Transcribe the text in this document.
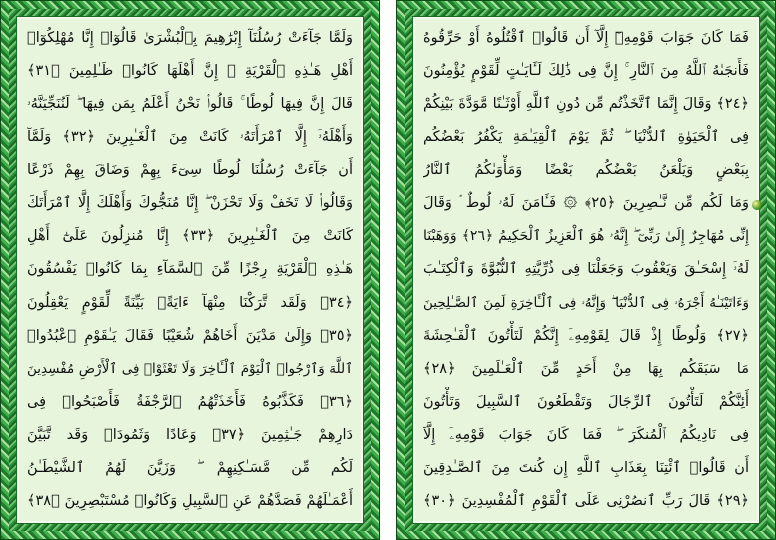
فَمَا كَانَ جَوَابَ قَوْمِهِۦٓ إِلَّآ أَن قَالُوا۟ ٱقْتُلُوهُ أَوْ حَرِّقُوهُ
فَأَنجَىٰهُ ٱللَّهُ مِنَ ٱلنَّارِ ۚ إِنَّ فِى ذَٰلِكَ لَـَٔايَـٰتٍ لِّقَوْمٍ يُؤْمِنُونَ
﴿٢٤﴾ وَقَالَ إِنَّمَا ٱتَّخَذْتُم مِّن دُونِ ٱللَّهِ أَوْثَـٰنًا مَّوَدَّةَ بَيْنِكُمْ
فِى ٱلْحَيَوٰةِ ٱلدُّنْيَا ۖ ثُمَّ يَوْمَ ٱلْقِيَـٰمَةِ يَكْفُرُ بَعْضُكُم
بِبَعْضٍ وَيَلْعَنُ بَعْضُكُم بَعْضًا وَمَأْوَىٰكُمُ ٱلنَّارُ
وَمَا لَكُم مِّن نَّـٰصِرِينَ ﴿٢٥﴾ ۞ فَـَٔامَنَ لَهُۥ لُوطٌ ۘ وَقَالَ
إِنِّى مُهَاجِرٌ إِلَىٰ رَبِّىٓ ۖ إِنَّهُۥ هُوَ ٱلْعَزِيزُ ٱلْحَكِيمُ ﴿٢٦﴾ وَوَهَبْنَا
لَهُۥٓ إِسْحَـٰقَ وَيَعْقُوبَ وَجَعَلْنَا فِى ذُرِّيَّتِهِ ٱلنُّبُوَّةَ وَٱلْكِتَـٰبَ
وَءَاتَيْنَـٰهُ أَجْرَهُۥ فِى ٱلدُّنْيَا ۖ وَإِنَّهُۥ فِى ٱلْـَٔاخِرَةِ لَمِنَ ٱلصَّـٰلِحِينَ
﴿٢٧﴾ وَلُوطًا إِذْ قَالَ لِقَوْمِهِۦٓ إِنَّكُمْ لَتَأْتُونَ ٱلْفَـٰحِشَةَ
مَا سَبَقَكُم بِهَا مِنْ أَحَدٍ مِّنَ ٱلْعَـٰلَمِينَ ﴿٢٨﴾
أَئِنَّكُمْ لَتَأْتُونَ ٱلرِّجَالَ وَتَقْطَعُونَ ٱلسَّبِيلَ وَتَأْتُونَ
فِى نَادِيكُمُ ٱلْمُنكَرَ ۖ فَمَا كَانَ جَوَابَ قَوْمِهِۦٓ إِلَّآ
أَن قَالُوا۟ ٱئْتِنَا بِعَذَابِ ٱللَّهِ إِن كُنتَ مِنَ ٱلصَّـٰدِقِينَ
﴿٢٩﴾ قَالَ رَبِّ ٱنصُرْنِى عَلَى ٱلْقَوْمِ ٱلْمُفْسِدِينَ ﴿٣٠﴾
وَلَمَّا جَآءَتْ رُسُلُنَآ إِبْرَٰهِيمَ بِٱلْبُشْرَىٰ قَالُوٓا۟ إِنَّا مُهْلِكُوٓا۟
أَهْلِ هَـٰذِهِ ٱلْقَرْيَةِ ۖ إِنَّ أَهْلَهَا كَانُوا۟ ظَـٰلِمِينَ ﴿٣١﴾
قَالَ إِنَّ فِيهَا لُوطًا ۚ قَالُوا۟ نَحْنُ أَعْلَمُ بِمَن فِيهَا ۖ لَنُنَجِّيَنَّهُۥ
وَأَهْلَهُۥٓ إِلَّا ٱمْرَأَتَهُۥ كَانَتْ مِنَ ٱلْغَـٰبِرِينَ ﴿٣٢﴾ وَلَمَّآ
أَن جَآءَتْ رُسُلُنَا لُوطًا سِىٓءَ بِهِمْ وَضَاقَ بِهِمْ ذَرْعًا
وَقَالُوا۟ لَا تَخَفْ وَلَا تَحْزَنْ ۖ إِنَّا مُنَجُّوكَ وَأَهْلَكَ إِلَّا ٱمْرَأَتَكَ
كَانَتْ مِنَ ٱلْغَـٰبِرِينَ ﴿٣٣﴾ إِنَّا مُنزِلُونَ عَلَىٰٓ أَهْلِ
هَـٰذِهِ ٱلْقَرْيَةِ رِجْزًا مِّنَ ٱلسَّمَآءِ بِمَا كَانُوا۟ يَفْسُقُونَ
﴿٣٤﴾ وَلَقَد تَّرَكْنَا مِنْهَآ ءَايَةًۢ بَيِّنَةً لِّقَوْمٍ يَعْقِلُونَ
﴿٣٥﴾ وَإِلَىٰ مَدْيَنَ أَخَاهُمْ شُعَيْبًا فَقَالَ يَـٰقَوْمِ ٱعْبُدُوا۟
ٱللَّهَ وَٱرْجُوا۟ ٱلْيَوْمَ ٱلْـَٔاخِرَ وَلَا تَعْثَوْا۟ فِى ٱلْأَرْضِ مُفْسِدِينَ
﴿٣٦﴾ فَكَذَّبُوهُ فَأَخَذَتْهُمُ ٱلرَّجْفَةُ فَأَصْبَحُوا۟ فِى
دَارِهِمْ جَـٰثِمِينَ ﴿٣٧﴾ وَعَادًا وَثَمُودَا۟ وَقَد تَّبَيَّنَ
لَكُم مِّن مَّسَـٰكِنِهِمْ ۖ وَزَيَّنَ لَهُمُ ٱلشَّيْطَـٰنُ
أَعْمَـٰلَهُمْ فَصَدَّهُمْ عَنِ ٱلسَّبِيلِ وَكَانُوا۟ مُسْتَبْصِرِينَ ﴿٣٨﴾
